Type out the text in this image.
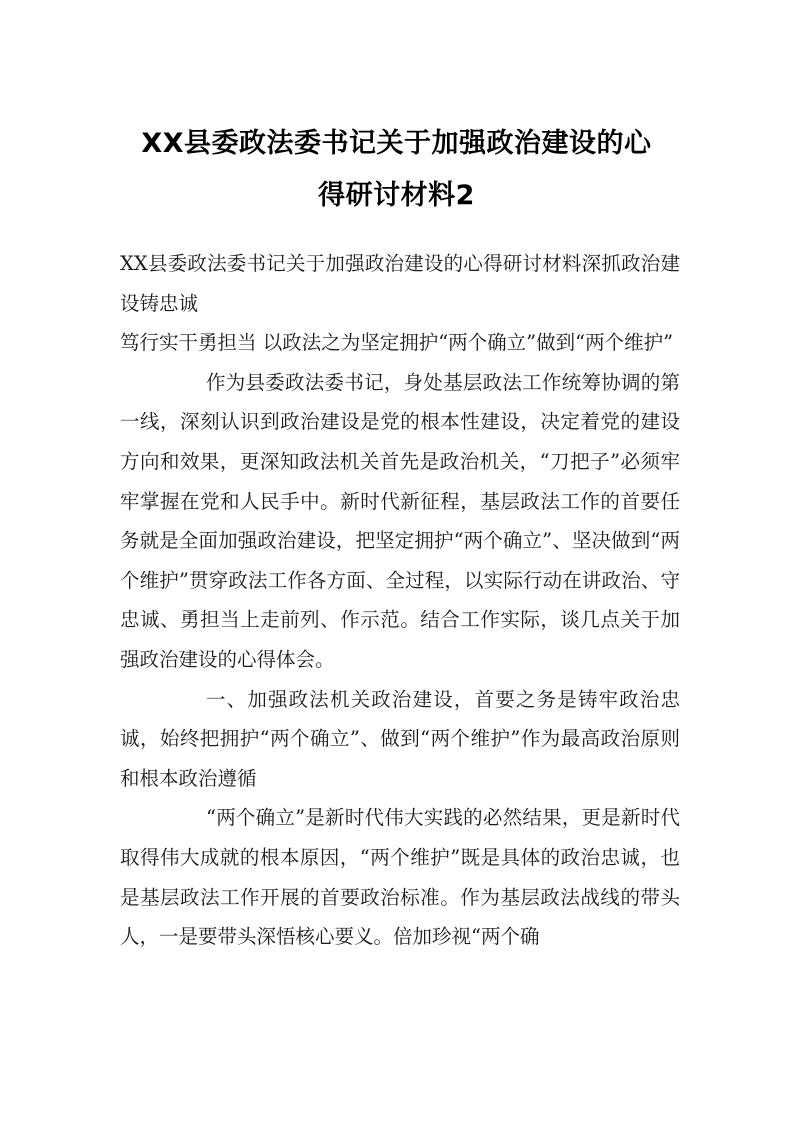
XX县委政法委书记关于加强政治建设的心
得研讨材料2

XX县委政法委书记关于加强政治建设的心得研讨材料深抓政治建设铸忠诚

笃行实干勇担当 以政法之为坚定拥护“两个确立”做到“两个维护”

作为县委政法委书记，身处基层政法工作统筹协调的第一线，深刻认识到政治建设是党的根本性建设，决定着党的建设方向和效果，更深知政法机关首先是政治机关，“刀把子”必须牢牢掌握在党和人民手中。新时代新征程，基层政法工作的首要任务就是全面加强政治建设，把坚定拥护“两个确立”、坚决做到“两个维护”贯穿政法工作各方面、全过程，以实际行动在讲政治、守忠诚、勇担当上走前列、作示范。结合工作实际，谈几点关于加强政治建设的心得体会。

一、加强政法机关政治建设，首要之务是铸牢政治忠诚，始终把拥护“两个确立”、做到“两个维护”作为最高政治原则和根本政治遵循

“两个确立”是新时代伟大实践的必然结果，更是新时代取得伟大成就的根本原因，“两个维护”既是具体的政治忠诚，也是基层政法工作开展的首要政治标准。作为基层政法战线的带头人，一是要带头深悟核心要义。倍加珍视“两个确
